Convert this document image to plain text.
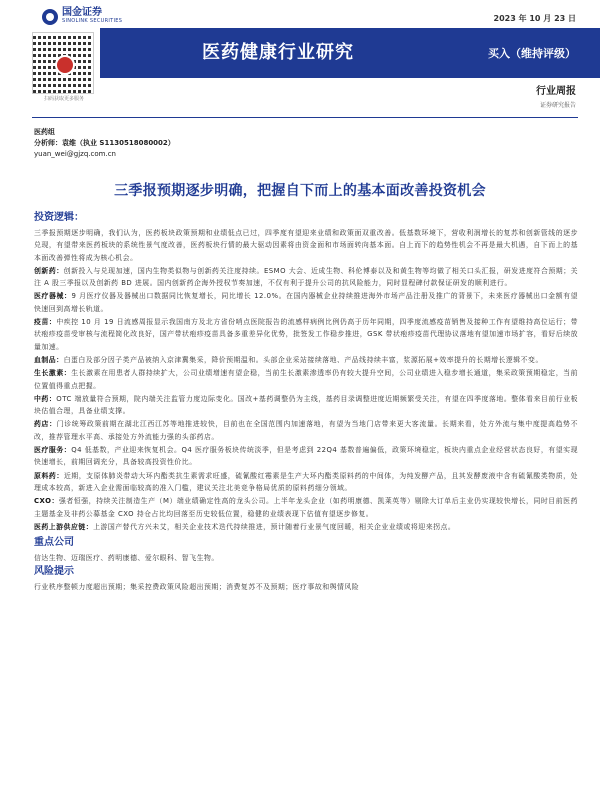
国金证券
SINOLINK SECURITIES
扫码获取更多服务
医药健康行业研究
2023 年 10 月 23 日
买入（维持评级）
行业周报
证券研究报告
医药组
分析师：袁维（执业 S1130518080002）
yuan_wei@gjzq.com.cn
三季报预期逐步明确，把握自下而上的基本面改善投资机会
投资逻辑：

三季报预期逐步明确，我们认为，医药板块政策预期和业绩低点已过，四季度有望迎来业绩和政策面双重改善。低基数环境下，营收利润增长的复苏和创新管线的逐步兑现，有望带来医药板块的系统性景气度改善，医药板块行情的最大驱动因素将由资金面和市场面转向基本面。自上而下的趋势性机会不再是最大机遇，自下而上的基本面改善弹性将成为核心机会。

创新药：创新投入与兑现加速，国内生物类似物与创新药关注度持续。ESMO 大会、近成生物、科伦博泰以及和黄生物等均做了相关口头汇报，研发进度符合预期；关注 A 股三季报以及创新药 BD 进展。国内创新药企海外授权节奏加速，不仅有利于提升公司的抗风险能力，同时显程碑付款保证研发的顺利进行。

医疗器械：9 月医疗仪器及器械出口数据同比恢复增长，同比增长 12.0%。在国内器械企业持续推进海外市场产品注册及推广的背景下，未来医疗器械出口金额有望快速回到高增长轨道。

疫苗：中疾控 10 月 19 日流感周报显示我国南方及北方省份哨点医院报告的流感样病例比例仍高于历年同期，四季度流感疫苗销售及接种工作有望维持高位运行；带状疱疹疫苗受审核与流程简化改良好，国产带状疱疹疫苗具备多重差异化优势，批签发工作稳步推进，GSK 带状疱疹疫苗代理协议落地有望加速市场扩容，看好后续放量加速。

血制品：白蛋白及部分因子类产品被纳入京津冀集采，降价预期温和。头部企业采站接续落地、产品线持续丰富，浆源拓展+效率提升的长期增长逻辑不变。

生长激素：生长激素在用患者人群持续扩大，公司业绩增速有望企稳，当前生长激素渗透率仍有较大提升空间，公司业绩进入稳步增长通道，集采政策预期稳定，当前位置值得重点把握。

中药：OTC 端放量符合预期，院内端关注监管力度边际变化。国改+基药调整仍为主线，基药目录调整进度近期频繁受关注，有望在四季度落地。整体看来目前行业板块估值合理，具备业绩支撑。

药店：门诊统筹政策前期在湖北江西江苏等地推进较快，目前也在全国范围内加速落地，有望为当地门店带来更大客流量。长期来看，处方外流与集中度提高趋势不改，推荐管理水平高、承接处方外流能力强的头部药店。

医疗服务：Q4 低基数，产业迎来恢复机会。Q4 医疗服务板块传统淡季，但是考虑到 22Q4 基数普遍偏低，政策环境稳定，板块内重点企业经营状态良好，有望实现快速增长，前期回调充分，具备较高投资性价比。

原料药：近期，支原体肺炎带动大环内酯类抗生素需求旺盛，硫氰酸红霉素是生产大环内酯类原料药的中间体，为纯发酵产品，且其发酵废液中含有硫氰酸类物质，处理成本较高，新进入企业需面临较高的准入门槛，建议关注北美竞争格局优质的原料药细分领域。

CXO：强者恒强，持续关注制造生产（M）端业绩确定性高的龙头公司。上半年龙头企业（如药明康德、凯莱英等）剔除大订单后主业仍实现较快增长，同时目前医药主题基金及非药公募基金 CXO 持仓占比均回落至历史较低位置，稳健的业绩表现下估值有望逐步修复。

医药上游供应链：上游国产替代方兴未艾，相关企业技术迭代持续推进，预计随着行业景气度回暖，相关企业业绩或将迎来拐点。

重点公司

信达生物、迈瑞医疗、药明康德、爱尔眼科、智飞生物。

风险提示

行业秩序整顿力度超出预期；集采控费政策风险超出预期；消费复苏不及预期；医疗事故和舆情风险
